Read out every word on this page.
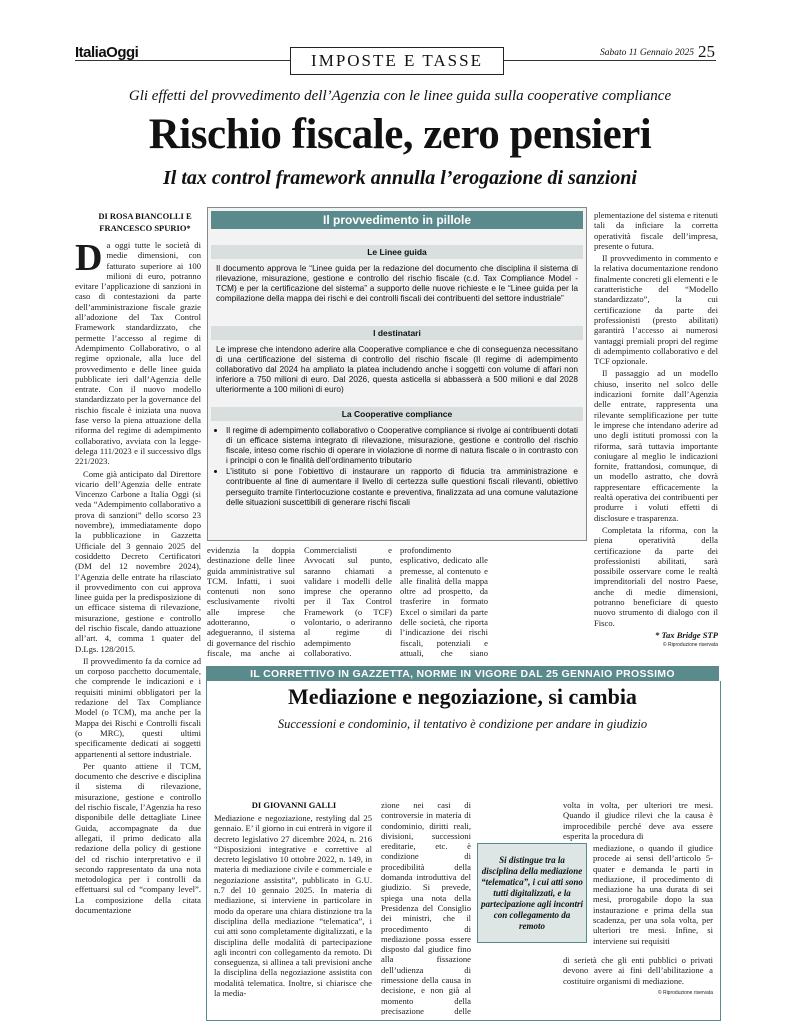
ItaliaOggi	IMPOSTE E TASSE	Sabato 11 Gennaio 2025 25
Gli effetti del provvedimento dell’Agenzia con le linee guida sulla cooperative compliance
Rischio fiscale, zero pensieri
Il tax control framework annulla l’erogazione di sanzioni
DI ROSA BIANCOLLI E FRANCESCO SPURIO*
D a oggi tutte le società di medie dimensioni, con fatturato superiore ai 100 milioni di euro, potranno evitare l’applicazione di sanzioni in caso di contestazioni da parte dell’amministrazione fiscale grazie all’adozione del Tax Control Framework standardizzato, che permette l’accesso al regime di Adempimento Collaborativo, o al regime opzionale, alla luce del provvedimento e delle linee guida pubblicate ieri dall’Agenzia delle entrate. Con il nuovo modello standardizzato per la governance del rischio fiscale è iniziata una nuova fase verso la piena attuazione della riforma del regime di adempimento collaborativo, avviata con la legge-delega 111/2023 e il successivo dlgs 221/2023.

Come già anticipato dal Direttore vicario dell’Agenzia delle entrate Vincenzo Carbone a Italia Oggi (si veda “Adempimento collaborativo a prova di sanzioni” dello scorso 23 novembre), immediatamente dopo la pubblicazione in Gazzetta Ufficiale del 3 gennaio 2025 del cosiddetto Decreto Certificatori (DM del 12 novembre 2024), l’Agenzia delle entrate ha rilasciato il provvedimento con cui approva linee guida per la predisposizione di un efficace sistema di rilevazione, misurazione, gestione e controllo del rischio fiscale, dando attuazione all’art. 4, comma 1 quater del D.Lgs. 128/2015.

Il provvedimento fa da cornice ad un corposo pacchetto documentale, che comprende le indicazioni e i requisiti minimi obbligatori per la redazione del Tax Compliance Model (o TCM), ma anche per la Mappa dei Rischi e Controlli fiscali (o MRC), questi ultimi specificamente dedicati ai soggetti appartenenti al settore industriale.

Per quanto attiene il TCM, documento che descrive e disciplina il sistema di rilevazione, misurazione, gestione e controllo del rischio fiscale, l’Agenzia ha reso disponibile delle dettagliate Linee Guida, accompagnate da due allegati, il primo dedicato alla redazione della policy di gestione del cd rischio interpretativo e il secondo rappresentato da una nota metodologica per i controlli da effettuarsi sul cd “company level”. La composizione della citata documentazione

Il provvedimento in pillole
Le Linee guida
Il documento approva le “Linee guida per la redazione del documento che disciplina il sistema di rilevazione, misurazione, gestione e controllo del rischio fiscale (c.d. Tax Compliance Model - TCM) e per la certificazione del sistema” a supporto delle nuove richieste e le “Linee guida per la compilazione della mappa dei rischi e dei controlli fiscali dei contribuenti del settore industriale”
I destinatari
Le imprese che intendono aderire alla Cooperative compliance e che di conseguenza necessitano di una certificazione del sistema di controllo del rischio fiscale (Il regime di adempimento collaborativo dal 2024 ha ampliato la platea includendo anche i soggetti con volume di affari non inferiore a 750 milioni di euro. Dal 2026, questa asticella si abbasserà a 500 milioni e dal 2028 ulteriormente a 100 milioni di euro)
La Cooperative compliance
• Il regime di adempimento collaborativo o Cooperative compliance si rivolge ai contribuenti dotati di un efficace sistema integrato di rilevazione, misurazione, gestione e controllo del rischio fiscale, inteso come rischio di operare in violazione di norme di natura fiscale o in contrasto con i principi o con le finalità dell’ordinamento tributario
• L’istituto si pone l’obiettivo di instaurare un rapporto di fiducia tra amministrazione e contribuente al fine di aumentare il livello di certezza sulle questioni fiscali rilevanti, obiettivo perseguito tramite l’interlocuzione costante e preventiva, finalizzata ad una comune valutazione delle situazioni suscettibili di generare rischi fiscali

evidenzia la doppia destinazione delle linee guida amministrative sul TCM. Infatti, i suoi contenuti non sono esclusivamente rivolti alle imprese che adotteranno, o adegueranno, il sistema di governance del rischio fiscale, ma anche ai

Commercialisti e Avvocati sul punto, saranno chiamati a validare i modelli delle imprese che operanno per il Tax Control Framework (o TCF) volontario, o aderiranno al regime di adempimento collaborativo.

profondimento esplicativo, dedicato alle premesse, al contenuto e alle finalità della mappa oltre ad prospetto, da trasferire in formato Excel o similari da parte delle società, che riporta l’indicazione dei rischi fiscali, potenziali e attuali, che siano

plementazione del sistema e ritenuti tali da inficiare la corretta operatività fiscale dell’impresa, presente o futura.

Il provvedimento in commento e la relativa documentazione rendono finalmente concreti gli elementi e le caratteristiche del “Modello standardizzato”, la cui certificazione da parte dei professionisti (presto abilitati) garantirà l’accesso ai numerosi vantaggi premiali propri del regime di adempimento collaborativo e del TCF opzionale.

Il passaggio ad un modello chiuso, inserito nel solco delle indicazioni fornite dall’Agenzia delle entrate, rappresenta una rilevante semplificazione per tutte le imprese che intendano aderire ad uno degli istituti promossi con la riforma, sarà tuttavia importante coniugare al meglio le indicazioni fornite, frattandosi, comunque, di un modello astratto, che dovrà rappresentare efficacemente la realtà operativa dei contribuenti per produrre i voluti effetti di disclosure e trasparenza.

Completata la riforma, con la piena operatività della certificazione da parte dei professionisti abilitati, sarà possibile osservare come le realtà imprenditoriali del nostro Paese, anche di medie dimensioni, potranno beneficiare di questo nuovo strumento di dialogo con il Fisco.

* Tax Bridge STP
© Riproduzione riservata
IL CORRETTIVO IN GAZZETTA, NORME IN VIGORE DAL 25 GENNAIO PROSSIMO
Mediazione e negoziazione, si cambia
Successioni e condominio, il tentativo è condizione per andare in giudizio
DI GIOVANNI GALLI

Mediazione e negoziazione, restyling dal 25 gennaio. E’ il giorno in cui entrerà in vigore il decreto legislativo 27 dicembre 2024, n. 216 “Disposizioni integrative e correttive al decreto legislativo 10 ottobre 2022, n. 149, in materia di mediazione civile e commerciale e negoziazione assistita”, pubblicato in G.U. n.7 del 10 gennaio 2025. In materia di mediazione, si interviene in particolare in modo da operare una chiara distinzione tra la disciplina della mediazione “telematica”, i cui atti sono completamente digitalizzati, e la disciplina delle modalità di partecipazione agli incontri con collegamento da remoto. Di conseguenza, si allinea a tali previsioni anche la disciplina della negoziazione assistita con modalità telematica. Inoltre, si chiarisce che la media-

zione nei casi di controversie in materia di condominio, diritti reali, divisioni, successioni ereditarie, etc. è condizione di procedibilità della domanda introduttiva del giudizio. Si prevede, spiega una nota della Presidenza del Consiglio dei ministri, che il procedimento di mediazione possa essere disposto dal giudice fino alla fissazione dell’udienza di rimessione della causa in decisione, e non già al momento della precisazione delle

volta in volta, per ulteriori tre mesi. Quando il giudice rilevi che la causa è improcedibile perché deve ava essere esperita la procedura di

mediazione, o quando il giudice procede ai sensi dell’articolo 5-quater e demanda le parti in mediazione, il procedimento di mediazione ha una durata di sei mesi, prorogabile dopo la sua instaurazione e prima della sua scadenza, per una sola volta, per ulteriori tre mesi. Infine, si interviene sui requisiti

di serietà che gli enti pubblici o privati devono avere ai fini dell’abilitazione a costituire organismi di mediazione.

© Riproduzione riservata
Si distingue tra la disciplina della mediazione “telematica”, i cui atti sono tutti digitalizzati, e la partecipazione agli incontri con collegamento da remoto
